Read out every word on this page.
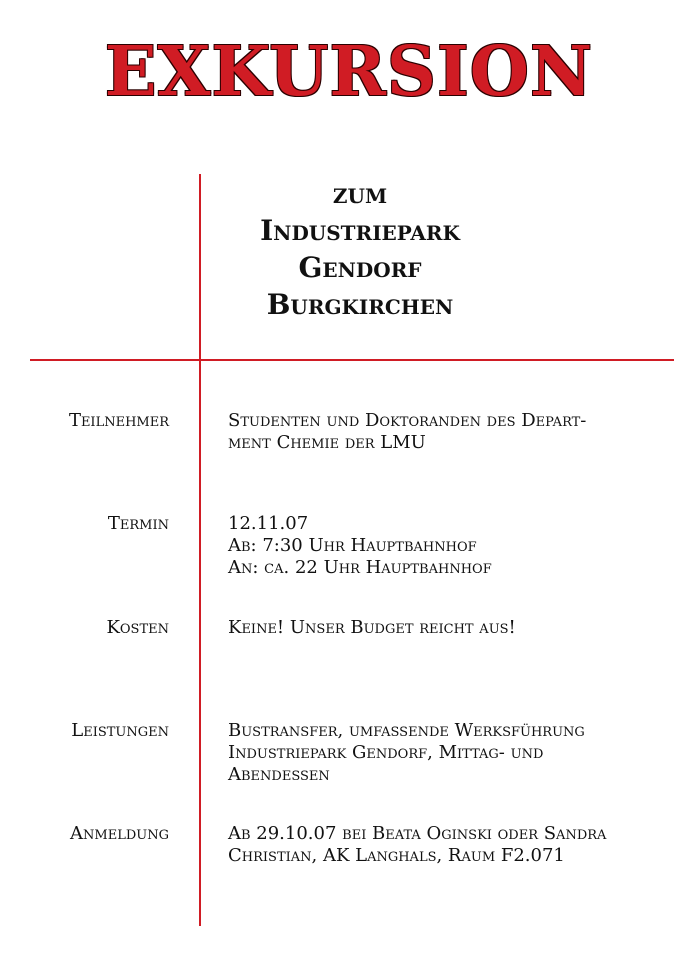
EXKURSION
zum
Industriepark
Gendorf
Burgkirchen
Teilnehmer	Studenten und Doktoranden des Depart-
ment Chemie der LMU
Termin	12.11.07
Ab: 7:30 Uhr Hauptbahnhof
An: ca. 22 Uhr Hauptbahnhof
Kosten	Keine! Unser Budget reicht aus!
Leistungen	Bustransfer, umfassende Werksführung
Industriepark Gendorf, Mittag- und
Abendessen
Anmeldung	Ab 29.10.07 bei Beata Oginski oder Sandra
Christian, AK Langhals, Raum F2.071
